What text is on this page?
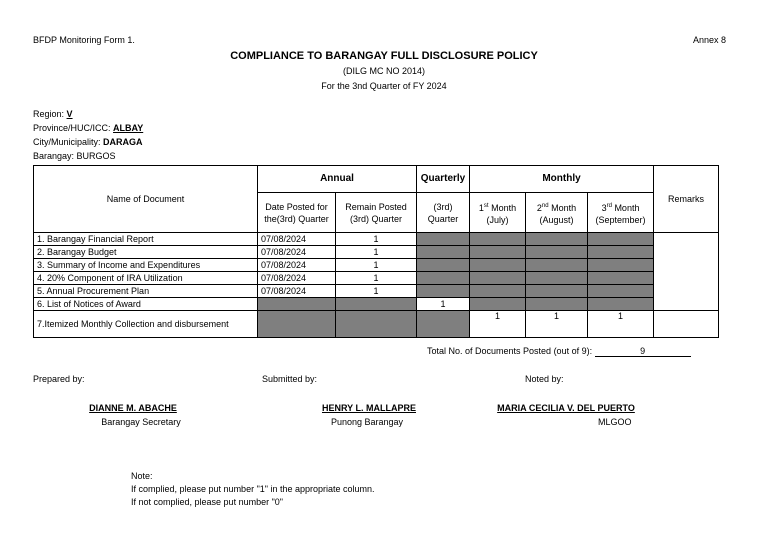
BFDP Monitoring Form 1.	Annex 8
COMPLIANCE TO BARANGAY FULL DISCLOSURE POLICY
(DILG MC NO 2014)
For the 3nd Quarter of FY 2024
Region: V
Province/HUC/ICC: ALBAY
City/Municipality: DARAGA
Barangay: BURGOS
Name of Document	Annual		Quarterly	Monthly			Remarks
	Date Posted for the(3rd) Quarter	Remain Posted (3rd) Quarter	(3rd) Quarter	1st Month (July)	2nd Month (August)	3rd Month (September)	
1. Barangay Financial Report	07/08/2024	1					
2. Barangay Budget	07/08/2024	1					
3. Summary of Income and Expenditures	07/08/2024	1					
4. 20% Component of IRA Utilization	07/08/2024	1					
5. Annual Procurement Plan	07/08/2024	1					
6. List of Notices of Award			1				
7.Itemized Monthly Collection and disbursement				1	1	1	
Total No. of Documents Posted (out of 9):	9
Prepared by:	Submitted by:	Noted by:
DIANNE M. ABACHE
Barangay Secretary
HENRY L. MALLAPRE
Punong Barangay
MARIA CECILIA V. DEL PUERTO
MLGOO
Note:
If complied, please put number "1" in the appropriate column.
If not complied, please put number "0"
